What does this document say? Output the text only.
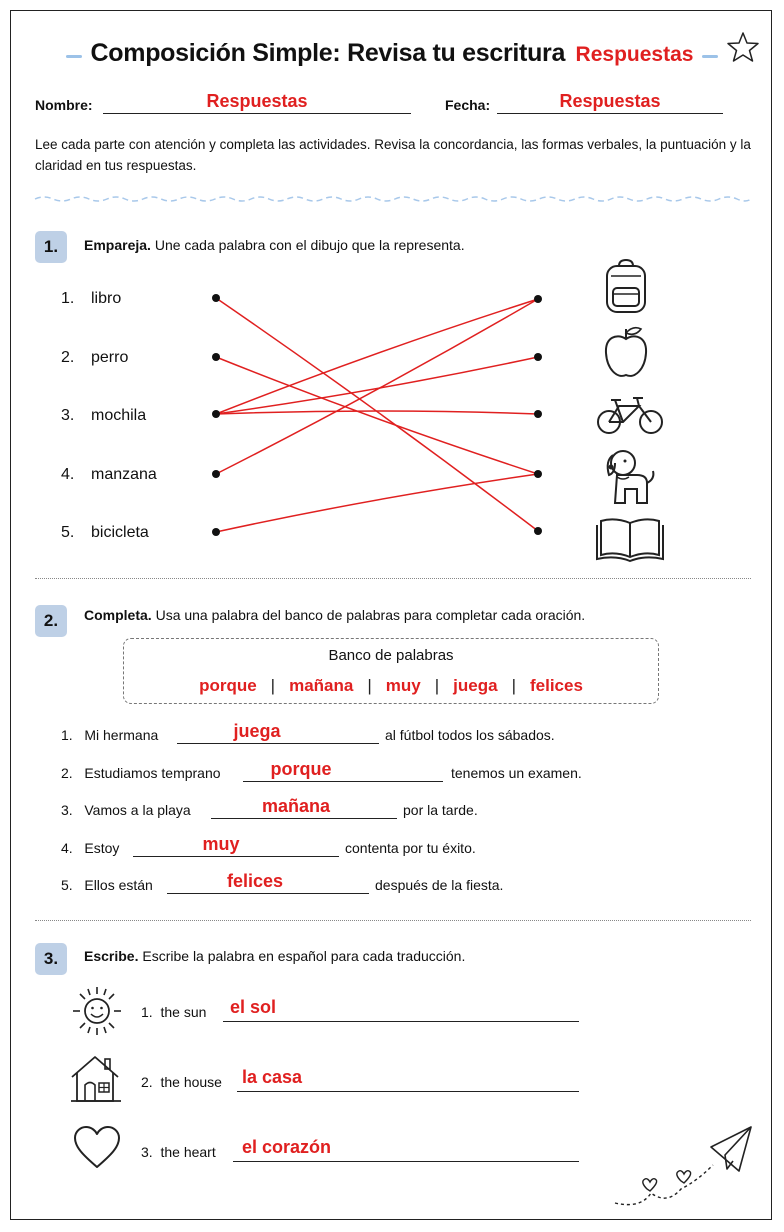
Composición Simple: Revisa tu escritura Respuestas
Nombre:	Respuestas	Fecha:	Respuestas
Lee cada parte con atención y completa las actividades. Revisa la concordancia, las formas verbales, la puntuación y la claridad en tus respuestas.
1.	Empareja. Une cada palabra con el dibujo que la representa.
1. libro
2. perro
3. mochila
4. manzana
5. bicicleta
2.	Completa. Usa una palabra del banco de palabras para completar cada oración.
Banco de palabras
porque | mañana | muy | juega | felices
1. Mi hermana	juega	al fútbol todos los sábados.
2. Estudiamos temprano	porque	tenemos un examen.
3. Vamos a la playa	mañana	por la tarde.
4. Estoy	muy	contenta por tu éxito.
5. Ellos están	felices	después de la fiesta.
3.	Escribe. Escribe la palabra en español para cada traducción.
1. the sun el sol
2. the house la casa
3. the heart el corazón
